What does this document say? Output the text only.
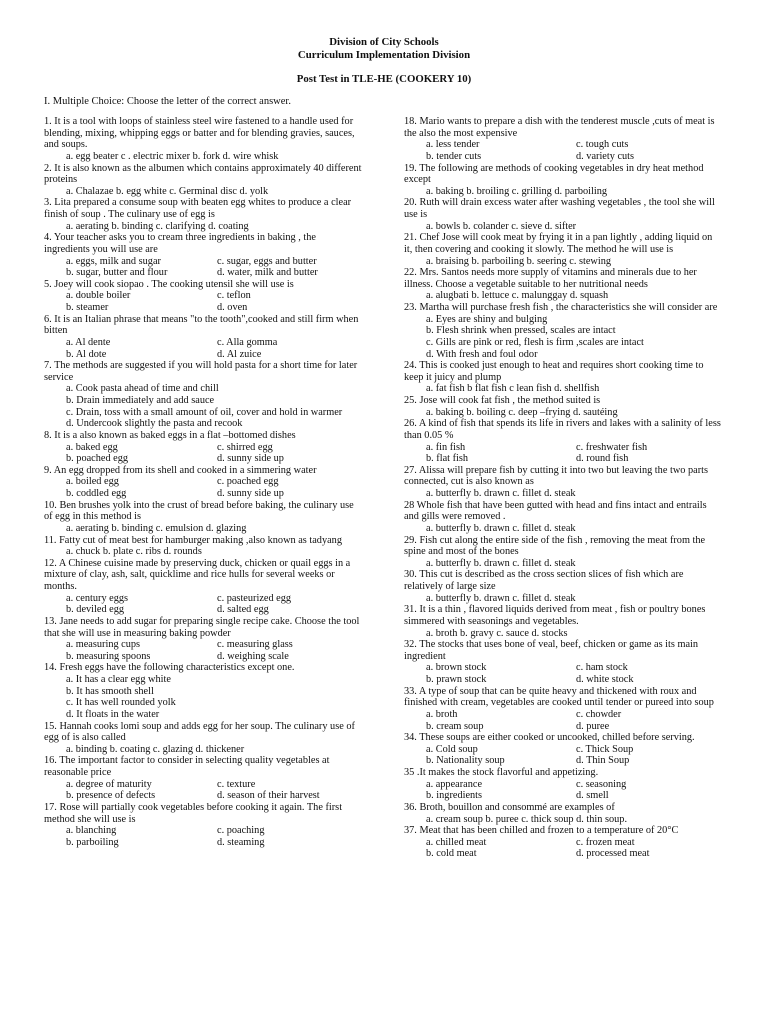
Division of City Schools
Curriculum Implementation Division
Post Test in TLE-HE (COOKERY 10)
I. Multiple Choice: Choose the letter of the correct answer.
1. It is a tool with loops of stainless steel wire fastened to a handle used for blending, mixing, whipping eggs or batter and for blending gravies, sauces, and soups.
a. egg beater c . electric mixer b. fork d. wire whisk
2. It is also known as the albumen which contains approximately 40 different proteins
a. Chalazae b. egg white c. Germinal disc d. yolk
3. Lita prepared a consume soup with beaten egg whites to produce a clear finish of soup . The culinary use of egg is
a. aerating b. binding c. clarifying d. coating
4. Your teacher asks you to cream three ingredients in baking , the ingredients you will use are
a. eggs, milk and sugar	c. sugar, eggs and butter
b. sugar, butter and flour	d. water, milk and butter
5. Joey will cook siopao . The cooking utensil she will use is
a. double boiler	c. teflon
b. steamer	d. oven
6. It is an Italian phrase that means "to the tooth",cooked and still firm when bitten
a. Al dente	c. Alla gomma
b. Al dote	d. Al zuice
7. The methods are suggested if you will hold pasta for a short time for later service
a. Cook pasta ahead of time and chill
b. Drain immediately and add sauce
c. Drain, toss with a small amount of oil, cover and hold in warmer
d. Undercook slightly the pasta and recook
8. It is a also known as baked eggs in a flat –bottomed dishes
a. baked egg	c. shirred egg
b. poached egg	d. sunny side up
9. An egg dropped from its shell and cooked in a simmering water
a. boiled egg	c. poached egg
b. coddled egg	d. sunny side up
10. Ben brushes yolk into the crust of bread before baking, the culinary use of egg in this method is
a. aerating b. binding c. emulsion d. glazing
11. Fatty cut of meat best for hamburger making ,also known as tadyang
a. chuck b. plate c. ribs d. rounds
12. A Chinese cuisine made by preserving duck, chicken or quail eggs in a mixture of clay, ash, salt, quicklime and rice hulls for several weeks or months.
a. century eggs	c. pasteurized egg
b. deviled egg	d. salted egg
13. Jane needs to add sugar for preparing single recipe cake. Choose the tool that she will use in measuring baking powder
a. measuring cups	c. measuring glass
b. measuring spoons	d. weighing scale
14. Fresh eggs have the following characteristics except one.
a. It has a clear egg white
b. It has smooth shell
c. It has well rounded yolk
d. It floats in the water
15. Hannah cooks lomi soup and adds egg for her soup. The culinary use of egg of is also called
a. binding b. coating c. glazing d. thickener
16. The important factor to consider in selecting quality vegetables at reasonable price
a. degree of maturity	c. texture
b. presence of defects	d. season of their harvest
17. Rose will partially cook vegetables before cooking it again. The first method she will use is
a. blanching	c. poaching
b. parboiling	d. steaming
18. Mario wants to prepare a dish with the tenderest muscle ,cuts of meat is the also the most expensive
a. less tender	c. tough cuts
b. tender cuts	d. variety cuts
19. The following are methods of cooking vegetables in dry heat method except
a. baking b. broiling c. grilling d. parboiling
20. Ruth will drain excess water after washing vegetables , the tool she will use is
a. bowls b. colander c. sieve d. sifter
21. Chef Jose will cook meat by frying it in a pan lightly , adding liquid on it, then covering and cooking it slowly. The method he will use is
a. braising b. parboiling b. seering c. stewing
22. Mrs. Santos needs more supply of vitamins and minerals due to her illness. Choose a vegetable suitable to her nutritional needs
a. alugbati b. lettuce c. malunggay d. squash
23. Martha will purchase fresh fish , the characteristics she will consider are
a. Eyes are shiny and bulging
b. Flesh shrink when pressed, scales are intact
c. Gills are pink or red, flesh is firm ,scales are intact
d. With fresh and foul odor
24. This is cooked just enough to heat and requires short cooking time to keep it juicy and plump
a. fat fish b flat fish c lean fish d. shellfish
25. Jose will cook fat fish , the method suited is
a. baking b. boiling c. deep –frying d. sautéing
26. A kind of fish that spends its life in rivers and lakes with a salinity of less than 0.05 %
a. fin fish	c. freshwater fish
b. flat fish	d. round fish
27. Alissa will prepare fish by cutting it into two but leaving the two parts connected, cut is also known as
a. butterfly b. drawn c. fillet d. steak
28 Whole fish that have been gutted with head and fins intact and entrails and gills were removed .
a. butterfly b. drawn c. fillet d. steak
29. Fish cut along the entire side of the fish , removing the meat from the spine and most of the bones
a. butterfly b. drawn c. fillet d. steak
30. This cut is described as the cross section slices of fish which are relatively of large size
a. butterfly b. drawn c. fillet d. steak
31. It is a thin , flavored liquids derived from meat , fish or poultry bones simmered with seasonings and vegetables.
a. broth b. gravy c. sauce d. stocks
32. The stocks that uses bone of veal, beef, chicken or game as its main ingredient
a. brown stock	c. ham stock
b. prawn stock	d. white stock
33. A type of soup that can be quite heavy and thickened with roux and finished with cream, vegetables are cooked until tender or pureed into soup
a. broth	c. chowder
b. cream soup	d. puree
34. These soups are either cooked or uncooked, chilled before serving.
a. Cold soup	c. Thick Soup
b. Nationality soup	d. Thin Soup
35 .It makes the stock flavorful and appetizing.
a. appearance	c. seasoning
b. ingredients	d. smell
36. Broth, bouillon and consommé are examples of
a. cream soup b. puree c. thick soup d. thin soup.
37. Meat that has been chilled and frozen to a temperature of 20°C
a. chilled meat	c. frozen meat
b. cold meat	d. processed meat
